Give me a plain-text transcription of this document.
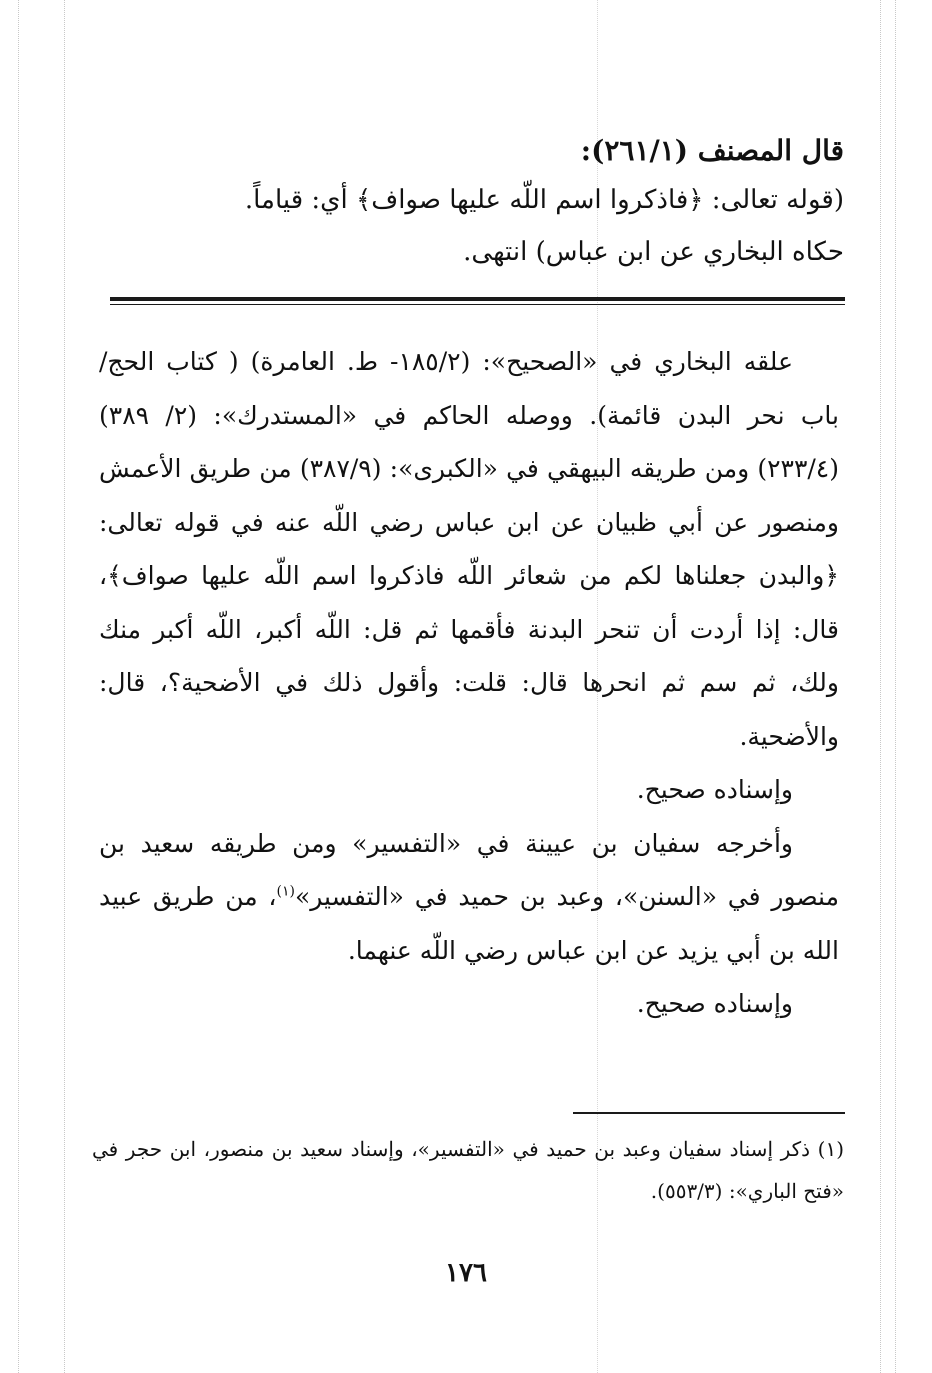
قال المصنف (٢٦١/١):

(قوله تعالى: ﴿فاذكروا اسم اللّه عليها صواف﴾ أي: قياماً.

حكاه البخاري عن ابن عباس) انتهى.

علقه البخاري في «الصحيح»: (١٨٥/٢- ط. العامرة) ( كتاب الحج/ باب نحر البدن قائمة). ووصله الحاكم في «المستدرك»: (٢/ ٣٨٩) (٢٣٣/٤) ومن طريقه البيهقي في «الكبرى»: (٣٨٧/٩) من طريق الأعمش ومنصور عن أبي ظبيان عن ابن عباس رضي اللّه عنه في قوله تعالى: ﴿والبدن جعلناها لكم من شعائر اللّه فاذكروا اسم اللّه عليها صواف﴾، قال: إذا أردت أن تنحر البدنة فأقمها ثم قل: اللّه أكبر، اللّه أكبر منك ولك، ثم سم ثم انحرها قال: قلت: وأقول ذلك في الأضحية؟، قال: والأضحية.

وإسناده صحيح.

وأخرجه سفيان بن عيينة في «التفسير» ومن طريقه سعيد بن منصور في «السنن»، وعبد بن حميد في «التفسير»$^{(١)}$، من طريق عبيد الله بن أبي يزيد عن ابن عباس رضي اللّه عنهما.

وإسناده صحيح.

(١) ذكر إسناد سفيان وعبد بن حميد في «التفسير»، وإسناد سعيد بن منصور، ابن حجر في «فتح الباري»: (٥٥٣/٣).
١٧٦
